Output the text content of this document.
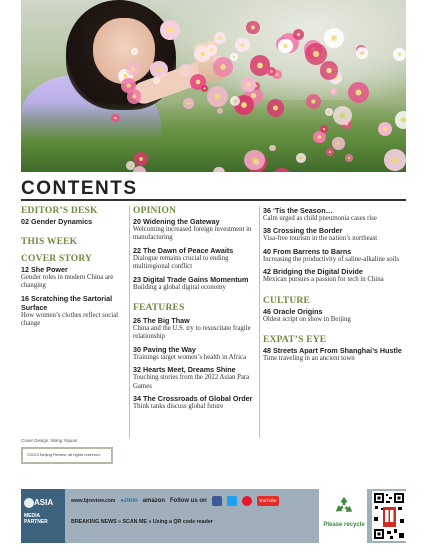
CONTENTS
EDITOR’S DESK
02 Gender Dynamics
THIS WEEK
COVER STORY
12 She Power
Gender roles in modern China are changing
16 Scratching the Sartorial Surface
How women’s clothes reflect social change
OPINION
20 Widening the Gateway
Welcoming increased foreign investment in manufacturing
22 The Dawn of Peace Awaits
Dialogue remains crucial to ending multiregional conflict
23 Digital Trade Gains Momentum
Building a global digital economy
FEATURES
26 The Big Thaw
China and the U.S. try to resuscitate fragile relationship
30 Paving the Way
Trainings target women’s health in Africa
32 Hearts Meet, Dreams Shine
Touching stories from the 2022 Asian Para Games
34 The Crossroads of Global Order
Think tanks discuss global future
36 ‘Tis the Season…
Calm urged as child pneumonia cases rise
38 Crossing the Border
Visa-free tourism in the nation’s northeast
40 From Barrens to Barns
Increasing the productivity of saline-alkaline soils
42 Bridging the Digital Divide
Mexican pursues a passion for tech in China
CULTURE
46 Oracle Origins
Oldest script on show in Beijing
EXPAT’S EYE
48 Streets Apart From Shanghai’s Hustle
Time traveling in an ancient town
Cover Design: Wang Yajuan
©2023 Beijing Review, all rights reserved.
ASIA
MEDIA PARTNER
www.bjreview.com ●zinio amazon Follow us on	YouTube
BREAKING NEWS » SCAN ME » Using a QR code reader	Please recycle
